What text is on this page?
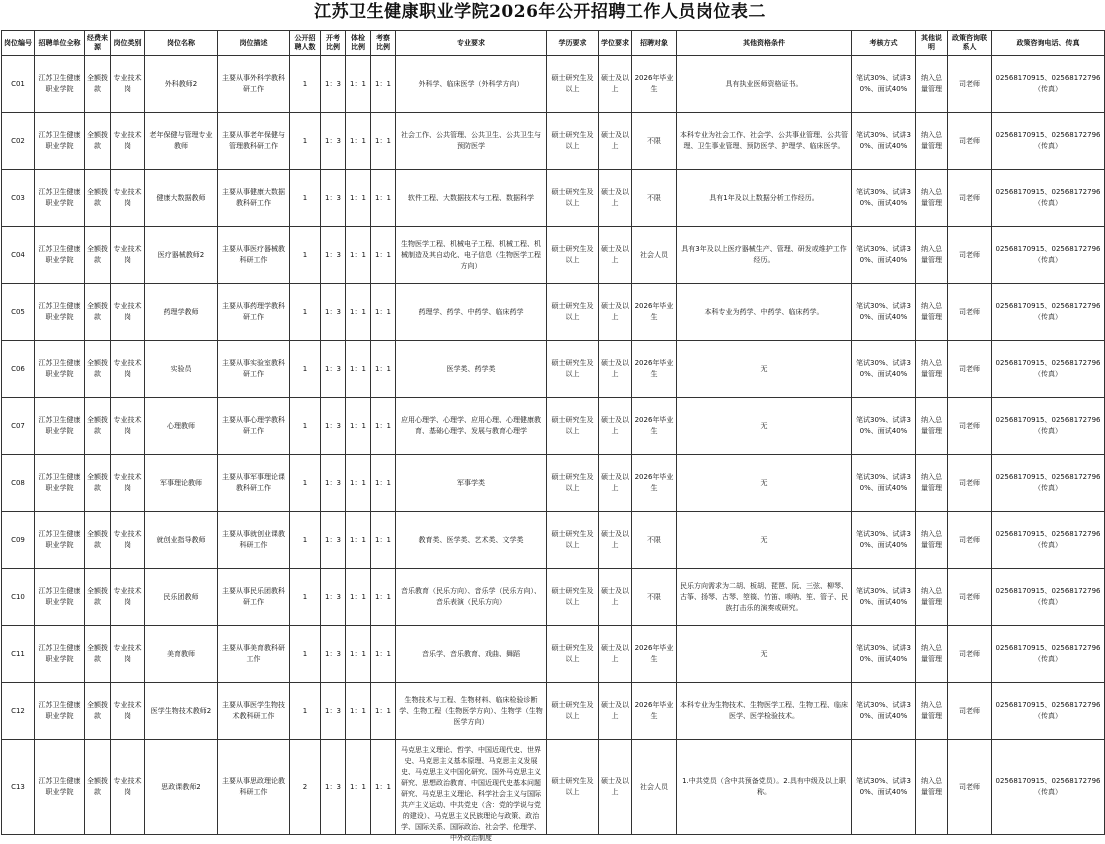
江苏卫生健康职业学院2026年公开招聘工作人员岗位表二
岗位编号	招聘单位全称	经费来源	岗位类别	岗位名称	岗位描述	公开招聘人数	开考比例	体检比例	考察比例	专业要求	学历要求	学位要求	招聘对象	其他资格条件	考核方式	其他说明	政策咨询联系人	政策咨询电话、传真

C01	江苏卫生健康职业学院	全额拨款	专业技术岗	外科教师2	主要从事外科学教科研工作	1	1：3	1：1	1：1	外科学、临床医学（外科学方向）	硕士研究生及以上	硕士及以上	2026年毕业生	具有执业医师资格证书。	笔试30%、试讲30%、面试40%	纳入总量管理	司老师	02568170915、02568172796（传真）

C02	江苏卫生健康职业学院	全额拨款	专业技术岗	老年保健与管理专业教师	主要从事老年保健与管理教科研工作	1	1：3	1：1	1：1	社会工作、公共管理、公共卫生、公共卫生与预防医学	硕士研究生及以上	硕士及以上	不限	本科专业为社会工作、社会学、公共事业管理、公共管理、卫生事业管理、预防医学、护理学、临床医学。	笔试30%、试讲30%、面试40%	纳入总量管理	司老师	02568170915、02568172796（传真）

C03	江苏卫生健康职业学院	全额拨款	专业技术岗	健康大数据教师	主要从事健康大数据教科研工作	1	1：3	1：1	1：1	软件工程、大数据技术与工程、数据科学	硕士研究生及以上	硕士及以上	不限	具有1年及以上数据分析工作经历。	笔试30%、试讲30%、面试40%	纳入总量管理	司老师	02568170915、02568172796（传真）

C04	江苏卫生健康职业学院	全额拨款	专业技术岗	医疗器械教师2	主要从事医疗器械教科研工作	1	1：3	1：1	1：1	生物医学工程、机械电子工程、机械工程、机械制造及其自动化、电子信息（生物医学工程方向）	硕士研究生及以上	硕士及以上	社会人员	具有3年及以上医疗器械生产、管理、研发或维护工作经历。	笔试30%、试讲30%、面试40%	纳入总量管理	司老师	02568170915、02568172796（传真）

C05	江苏卫生健康职业学院	全额拨款	专业技术岗	药理学教师	主要从事药理学教科研工作	1	1：3	1：1	1：1	药理学、药学、中药学、临床药学	硕士研究生及以上	硕士及以上	2026年毕业生	本科专业为药学、中药学、临床药学。	笔试30%、试讲30%、面试40%	纳入总量管理	司老师	02568170915、02568172796（传真）

C06	江苏卫生健康职业学院	全额拨款	专业技术岗	实验员	主要从事实验室教科研工作	1	1：3	1：1	1：1	医学类、药学类	硕士研究生及以上	硕士及以上	2026年毕业生	无	笔试30%、试讲30%、面试40%	纳入总量管理	司老师	02568170915、02568172796（传真）

C07	江苏卫生健康职业学院	全额拨款	专业技术岗	心理教师	主要从事心理学教科研工作	1	1：3	1：1	1：1	应用心理学、心理学、应用心理、心理健康教育、基础心理学、发展与教育心理学	硕士研究生及以上	硕士及以上	2026年毕业生	无	笔试30%、试讲30%、面试40%	纳入总量管理	司老师	02568170915、02568172796（传真）

C08	江苏卫生健康职业学院	全额拨款	专业技术岗	军事理论教师	主要从事军事理论课教科研工作	1	1：3	1：1	1：1	军事学类	硕士研究生及以上	硕士及以上	2026年毕业生	无	笔试30%、试讲30%、面试40%	纳入总量管理	司老师	02568170915、02568172796（传真）

C09	江苏卫生健康职业学院	全额拨款	专业技术岗	就创业指导教师	主要从事就创业课教科研工作	1	1：3	1：1	1：1	教育类、医学类、艺术类、文学类	硕士研究生及以上	硕士及以上	不限	无	笔试30%、试讲30%、面试40%	纳入总量管理	司老师	02568170915、02568172796（传真）

C10	江苏卫生健康职业学院	全额拨款	专业技术岗	民乐团教师	主要从事民乐团教科研工作	1	1：3	1：1	1：1	音乐教育（民乐方向）、音乐学（民乐方向）、音乐表演（民乐方向）	硕士研究生及以上	硕士及以上	不限	民乐方向需求为二胡、板胡、琵琶、阮、三弦、柳琴、古筝、扬琴、古琴、箜篌、竹笛、唢呐、笙、管子、民族打击乐的演奏或研究。	笔试30%、试讲30%、面试40%	纳入总量管理	司老师	02568170915、02568172796（传真）

C11	江苏卫生健康职业学院	全额拨款	专业技术岗	美育教师	主要从事美育教科研工作	1	1：3	1：1	1：1	音乐学、音乐教育、戏曲、舞蹈	硕士研究生及以上	硕士及以上	2026年毕业生	无	笔试30%、试讲30%、面试40%	纳入总量管理	司老师	02568170915、02568172796（传真）

C12	江苏卫生健康职业学院	全额拨款	专业技术岗	医学生物技术教师2	主要从事医学生物技术教科研工作	1	1：3	1：1	1：1	生物技术与工程、生物材料、临床检验诊断学、生物工程（生物医学方向）、生物学（生物医学方向）	硕士研究生及以上	硕士及以上	2026年毕业生	本科专业为生物技术、生物医学工程、生物工程、临床医学、医学检验技术。	笔试30%、试讲30%、面试40%	纳入总量管理	司老师	02568170915、02568172796（传真）

C13	江苏卫生健康职业学院	全额拨款	专业技术岗	思政课教师2	主要从事思政理论教科研工作	2	1：3	1：1	1：1	马克思主义理论、哲学、中国近现代史、世界史、马克思主义基本原理、马克思主义发展史、马克思主义中国化研究、国外马克思主义研究、思想政治教育、中国近现代史基本问题研究、马克思主义理论、科学社会主义与国际共产主义运动、中共党史（含：党的学说与党的建设）、马克思主义民族理论与政策、政治学、国际关系、国际政治、社会学、伦理学、中外政治制度	硕士研究生及以上	硕士及以上	社会人员	1.中共党员（含中共预备党员）。2.具有中级及以上职称。	笔试30%、试讲30%、面试40%	纳入总量管理	司老师	02568170915、02568172796（传真）
